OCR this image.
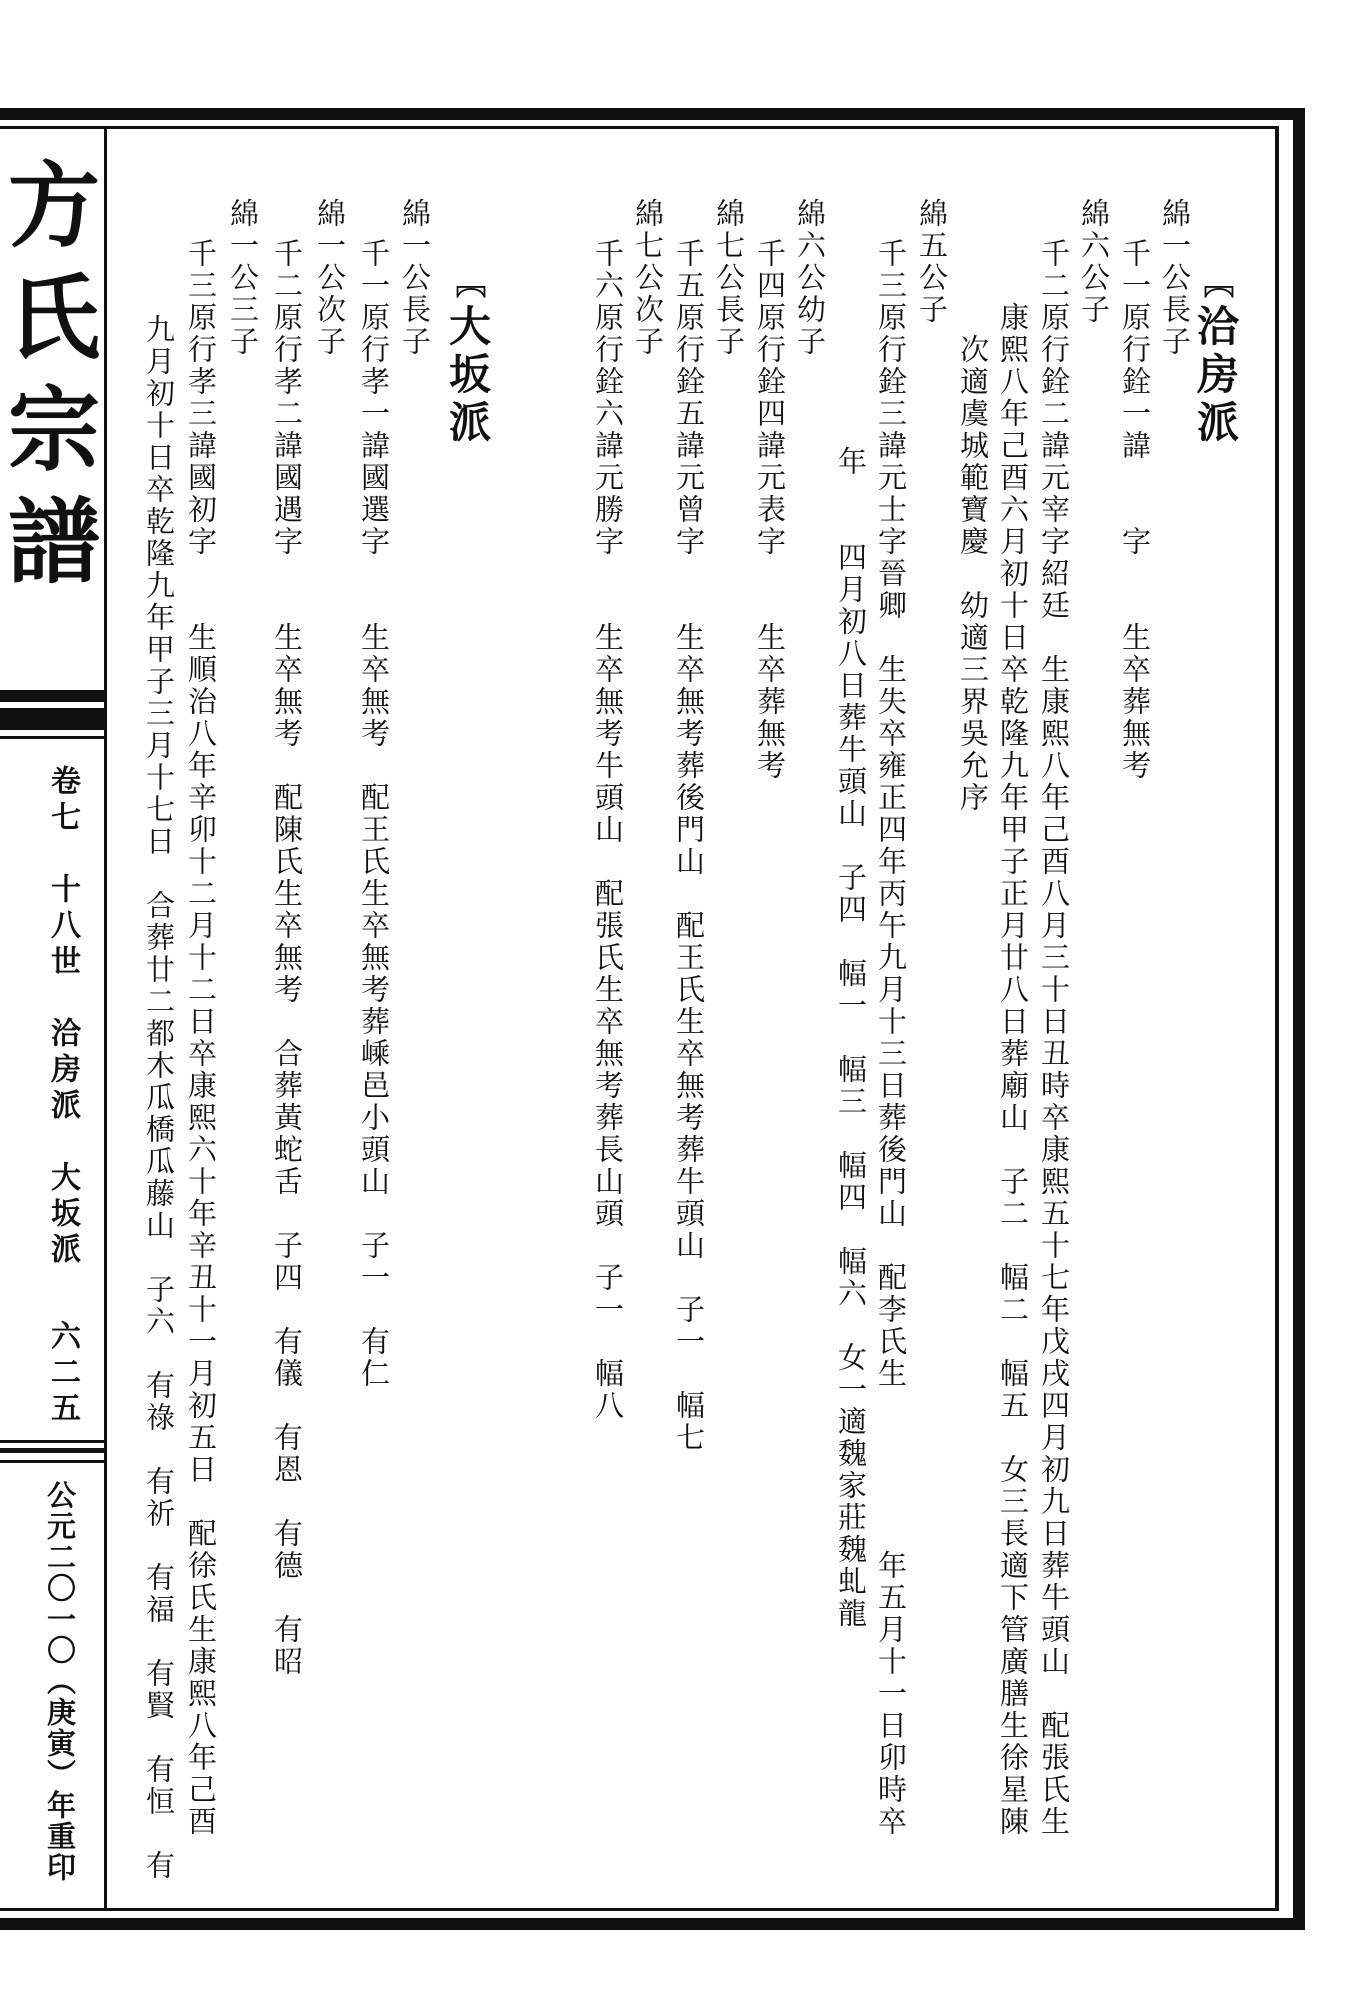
方
氏
宗
譜
卷七　十八世　洽房派　大坂派
六二五
公元二〇一〇（庚寅）年重印
〖洽房派
綿一公長子
千一原行銓一諱　　字　　生卒葬無考
綿六公子
千二原行銓二諱元宰字紹廷　生康熙八年己酉八月三十日丑時卒康熙五十七年戊戌四月初九日葬牛頭山　配張氏生
　康熙八年己酉六月初十日卒乾隆九年甲子正月廿八日葬廟山　子二　幅二　幅五　女三長適下管廣膳生徐星陳
　　次適虞城範寶慶　幼適三界吳允序
綿五公子
千三原行銓三諱元士字晉卿　生失卒雍正四年丙午九月十三日葬後門山　配李氏生　　　　　年五月十一日卯時卒
　　年　　四月初八日葬牛頭山　子四　幅一　幅三　幅四　幅六　女一適魏家莊魏虬龍
綿六公幼子
千四原行銓四諱元表字　　生卒葬無考
綿七公長子
千五原行銓五諱元曾字　　生卒無考葬後門山　配王氏生卒無考葬牛頭山　子一　幅七
綿七公次子
千六原行銓六諱元勝字　　生卒無考牛頭山　配張氏生卒無考葬長山頭　子一　幅八
〖大坂派
綿一公長子
千一原行孝一諱國選字　　生卒無考　配王氏生卒無考葬嵊邑小頭山　子一　有仁
綿一公次子
千二原行孝二諱國遇字　　生卒無考　配陳氏生卒無考　合葬黃蛇舌　子四　有儀　有恩　有德　有昭
綿一公三子
千三原行孝三諱國初字　　生順治八年辛卯十二月十二日卒康熙六十年辛丑十一月初五日　配徐氏生康熙八年己酉
　九月初十日卒乾隆九年甲子三月十七日　合葬廿二都木瓜橋瓜藤山　子六　有祿　有祈　有福　有賢　有恒　有
